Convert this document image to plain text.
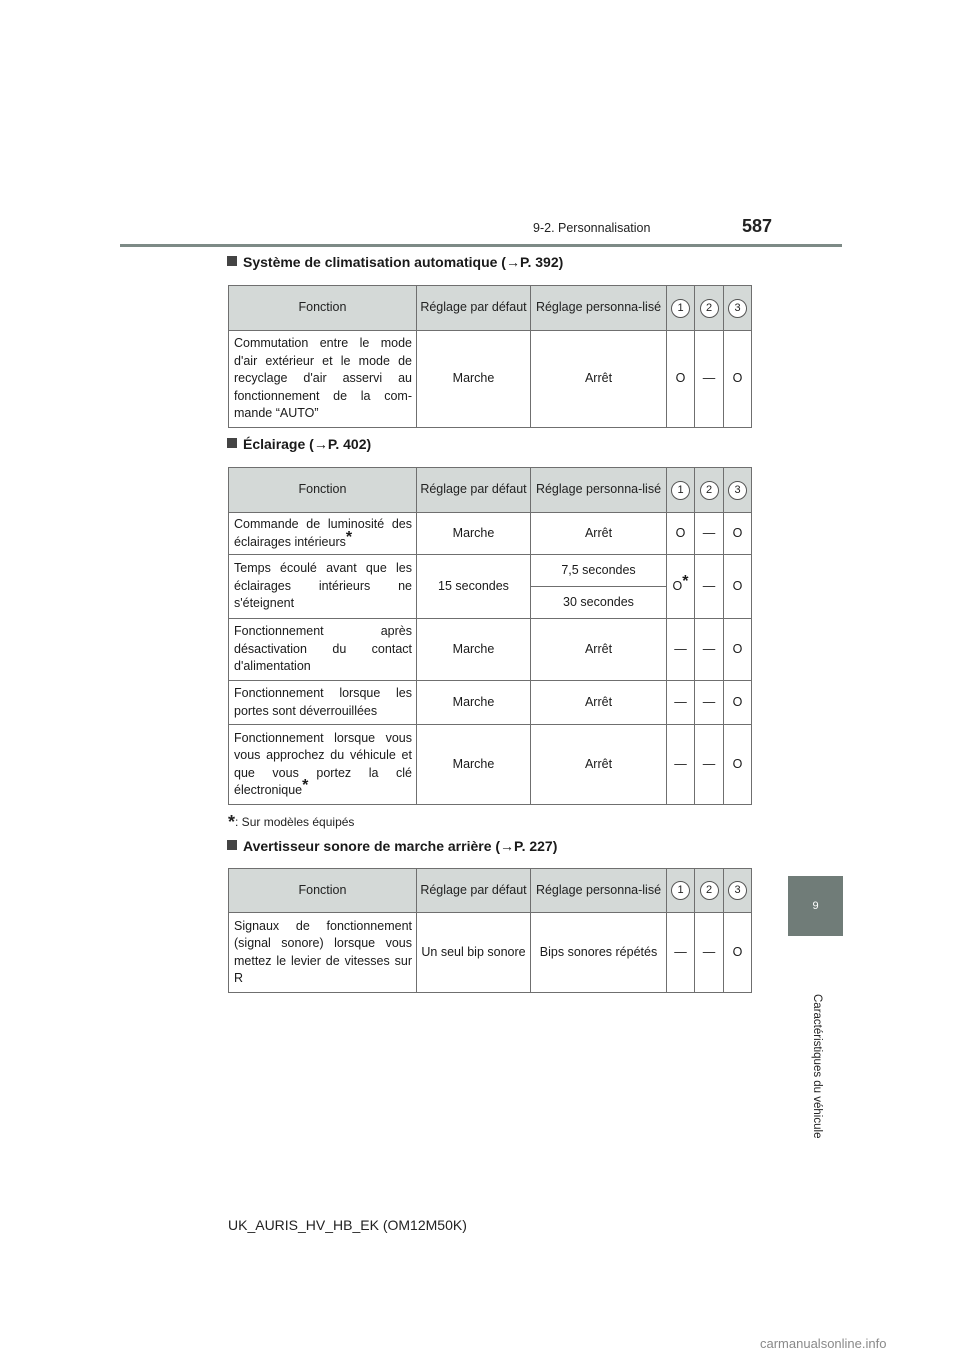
9-2. Personnalisation	587
9
Caractéristiques du véhicule
Système de climatisation automatique (→P. 392)
Fonction	Réglage par défaut	Réglage personna-lisé	1	2	3
Commutation entre le mode d'air extérieur et le mode de recyclage d'air asservi au fonctionnement de la com-mande “AUTO”	Marche	Arrêt	O	—	O
Éclairage (→P. 402)
Fonction	Réglage par défaut	Réglage personna-lisé	1	2	3
Commande de luminosité des éclairages intérieurs*	Marche	Arrêt	O	—	O
Temps écoulé avant que les éclairages intérieurs ne s'éteignent	15 secondes	7,5 secondes	O*	—	O
		30 secondes			
Fonctionnement après désactivation du contact d'alimentation	Marche	Arrêt	—	—	O
Fonctionnement lorsque les portes sont déverrouillées	Marche	Arrêt	—	—	O
Fonctionnement lorsque vous vous approchez du véhicule et que vous portez la clé électronique*	Marche	Arrêt	—	—	O
*: Sur modèles équipés
Avertisseur sonore de marche arrière (→P. 227)
Fonction	Réglage par défaut	Réglage personna-lisé	1	2	3
Signaux de fonctionnement (signal sonore) lorsque vous mettez le levier de vitesses sur R	Un seul bip sonore	Bips sonores répétés	—	—	O
UK_AURIS_HV_HB_EK (OM12M50K)
carmanualsonline.info
